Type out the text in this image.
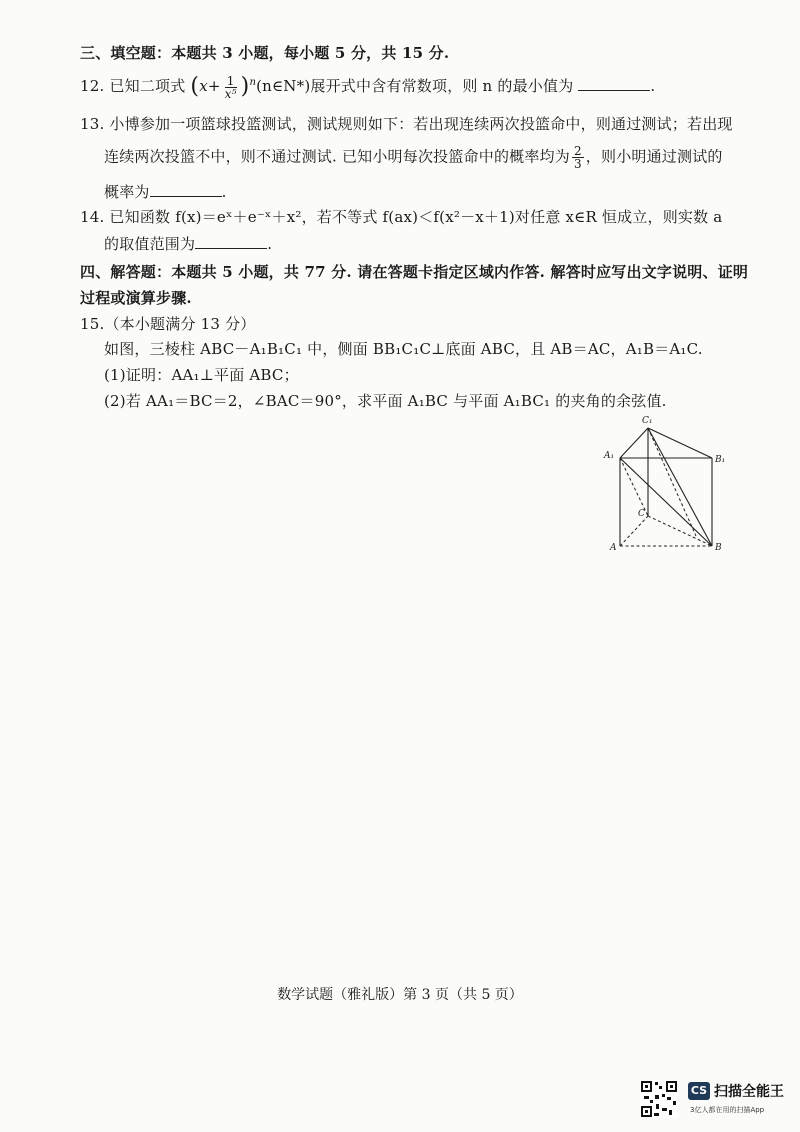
三、填空题：本题共 3 小题，每小题 5 分，共 15 分.
12. 已知二项式 ($x+ \frac{1}{\text{x⁵}}$ )$^n(n\in N*)$展开式中含有常数项，则 n 的最小值为	.
13. 小博参加一项篮球投篮测试，测试规则如下：若出现连续两次投篮命中，则通过测试；若出现
连续两次投篮不中，则不通过测试. 已知小明每次投篮命中的概率均为 $\frac{2}{3}$ ，则小明通过测试的
概率为	.
14. 已知函数 f(x)＝eˣ＋e⁻ˣ＋x²，若不等式 f(ax)＜f(x²－x＋1)对任意 x∈R 恒成立，则实数 a
的取值范围为	.
四、解答题：本题共 5 小题，共 77 分. 请在答题卡指定区域内作答. 解答时应写出文字说明、证明
过程或演算步骤.
15.（本小题满分 13 分）
如图，三棱柱 ABC－A₁B₁C₁ 中，侧面 BB₁C₁C⊥底面 ABC，且 AB＝AC，A₁B＝A₁C.
(1)证明：AA₁⊥平面 ABC；
(2)若 AA₁＝BC＝2，∠BAC＝90°，求平面 A₁BC 与平面 A₁BC₁ 的夹角的余弦值.
C₁
A₁	B₁
C
A	B
数学试题（雅礼版）第 3 页（共 5 页）
CS 扫描全能王
3亿人都在用的扫描App
